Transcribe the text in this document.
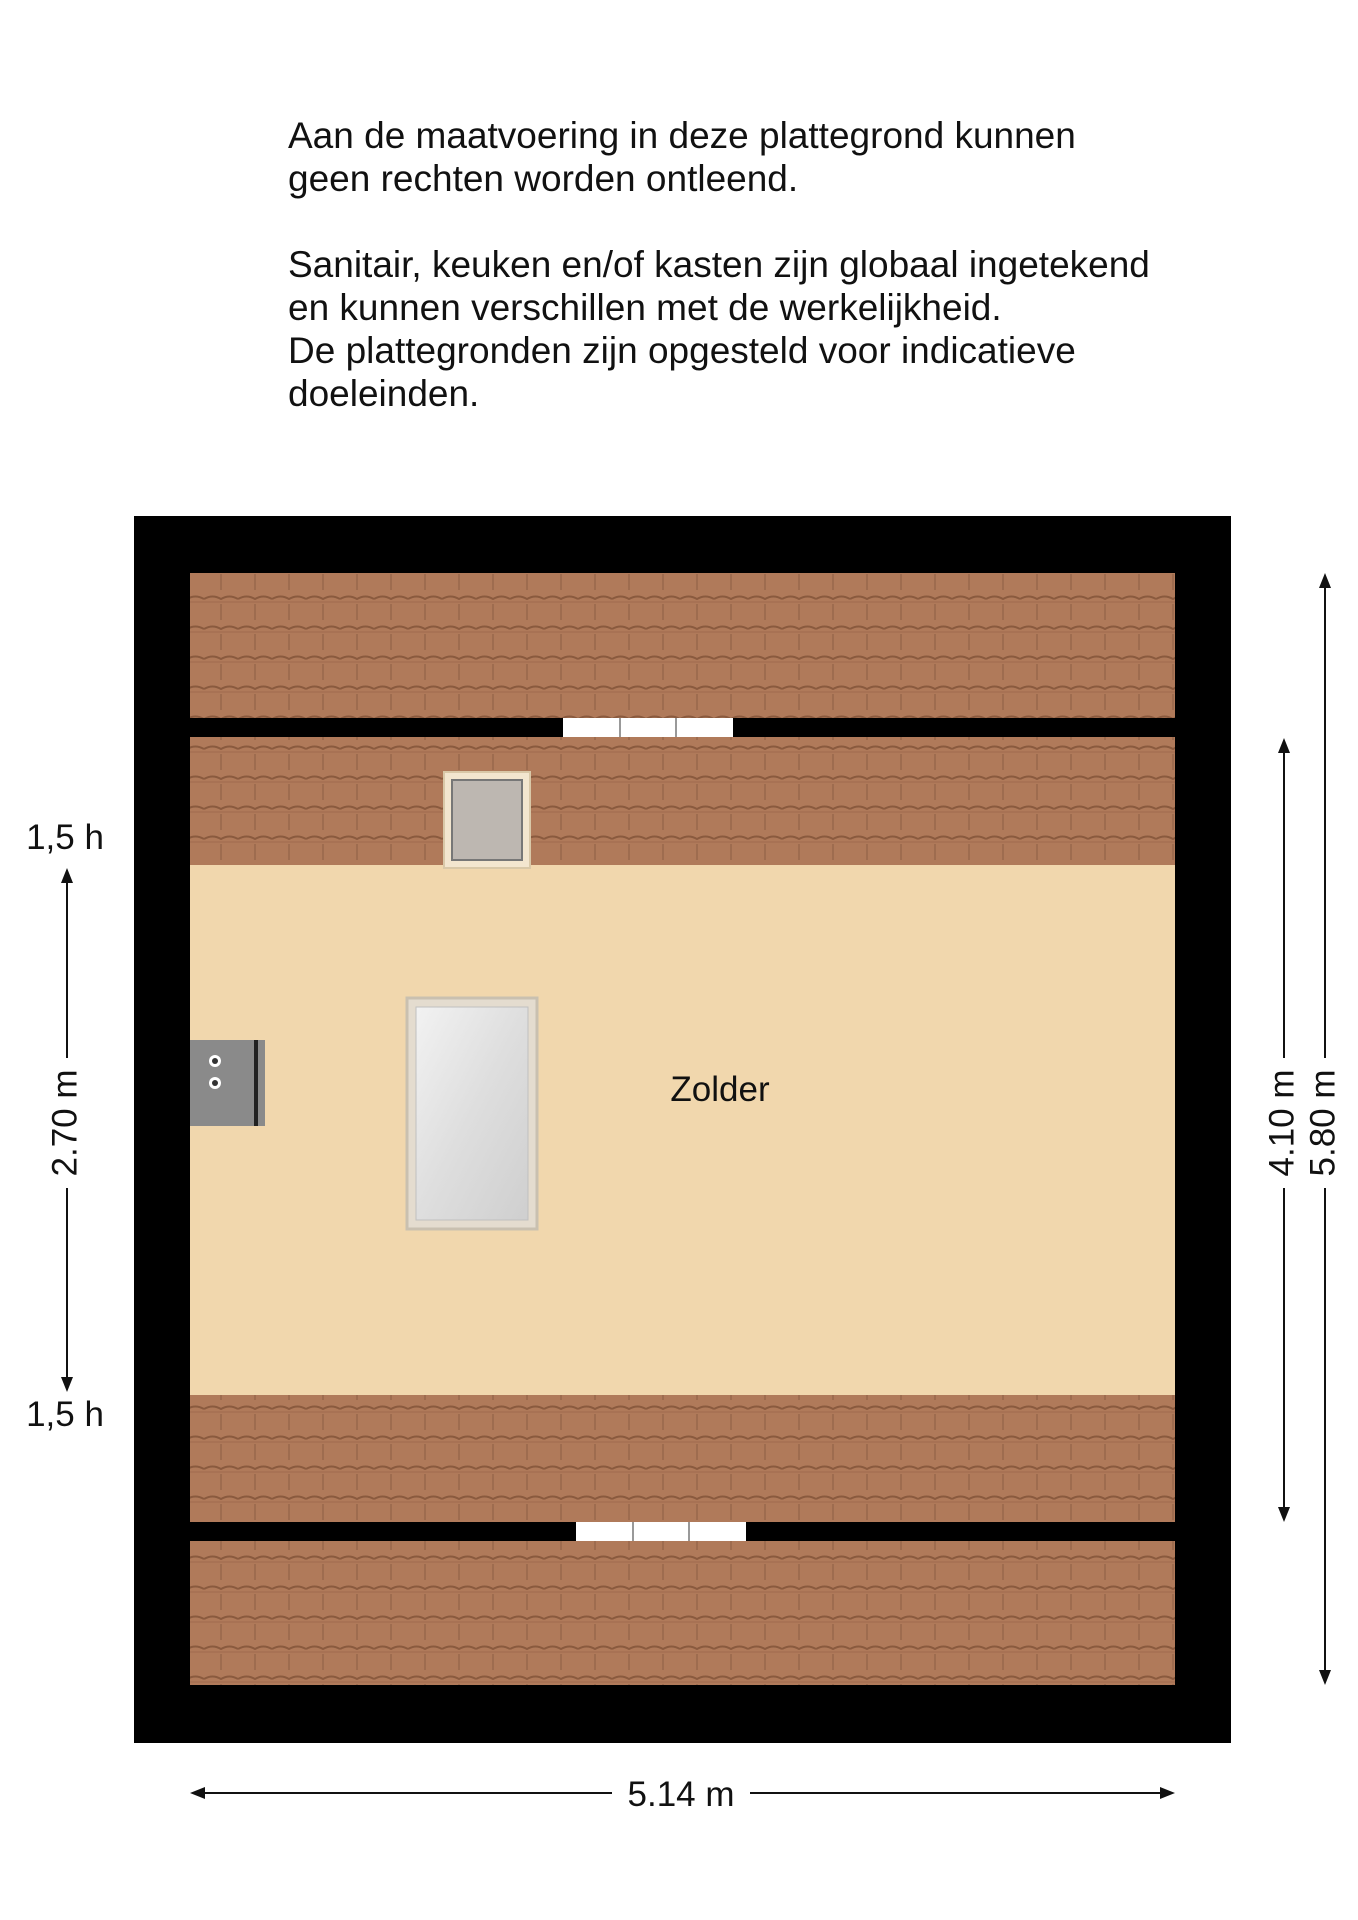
Aan de maatvoering in deze plattegrond kunnen

geen rechten worden ontleend.

Sanitair, keuken en/of kasten zijn globaal ingetekend

en kunnen verschillen met de werkelijkheid.

De plattegronden zijn opgesteld voor indicatieve

doeleinden.

Zolder
5.14 m
5.80 m
4.10 m
2.70 m
1,5 h
1,5 h
